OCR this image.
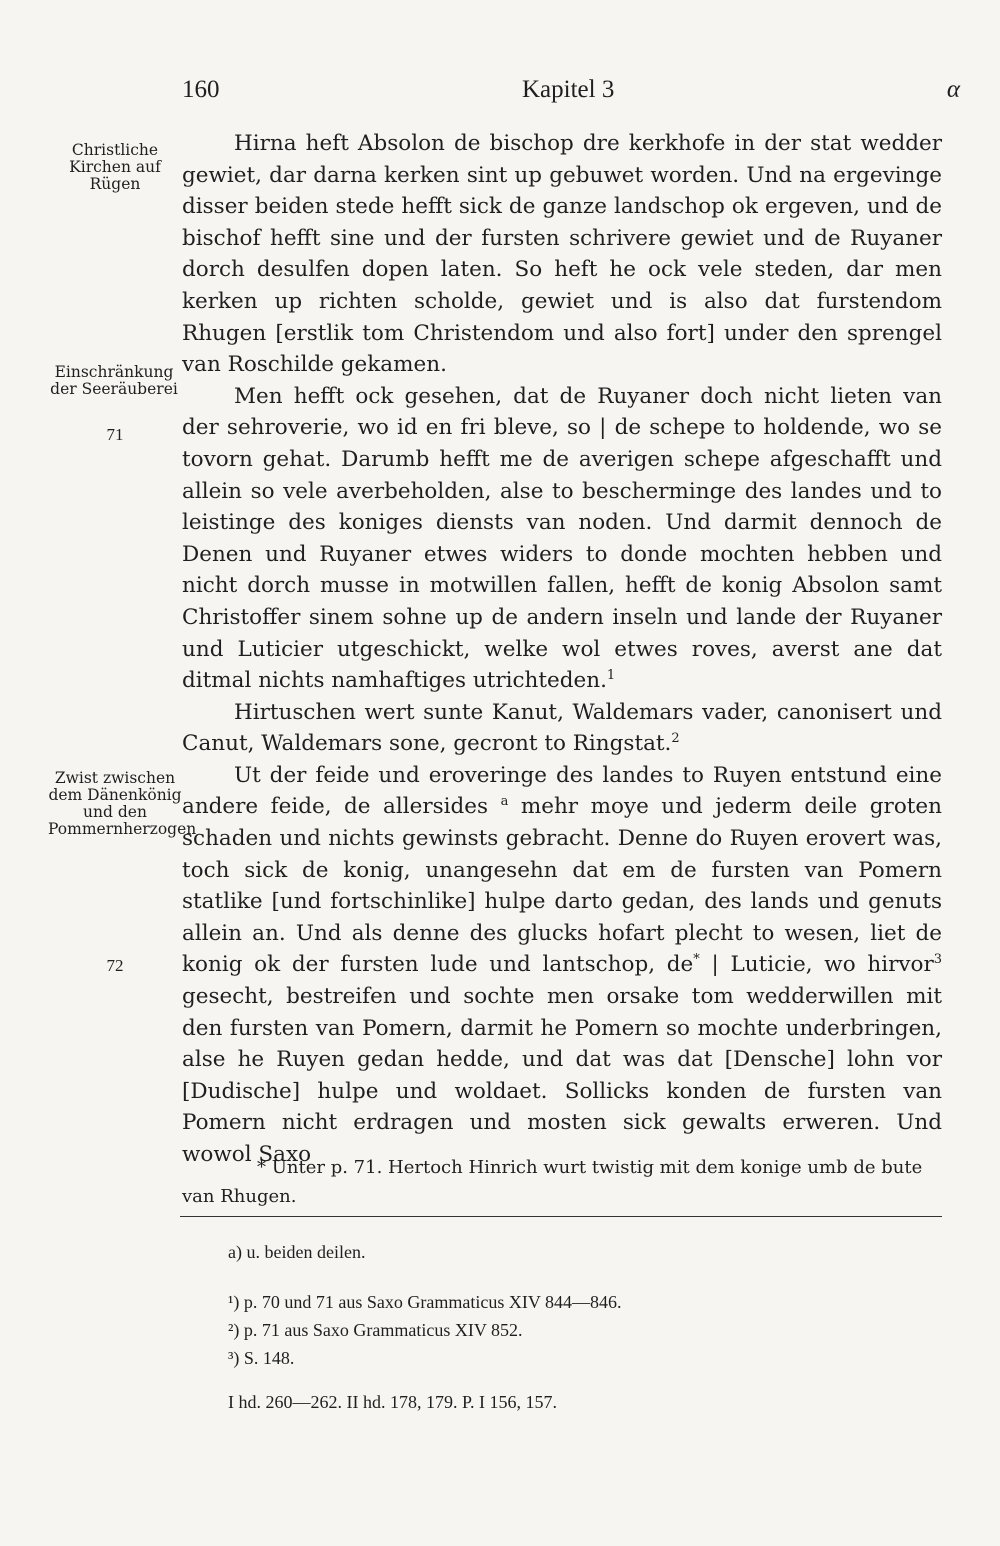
160	Kapitel 3	α
Christliche Kirchen auf Rügen
Einschränkung der Seeräuberei
71
Zwist zwischen dem Dänenkönig und den Pommernherzogen
72

Hirna heft Absolon de bischop dre kerkhofe in der stat wedder gewiet, dar darna kerken sint up gebuwet worden. Und na ergevinge disser beiden stede hefft sick de ganze landschop ok ergeven, und de bischof hefft sine und der fursten schrivere gewiet und de Ruyaner dorch desulfen dopen laten. So heft he ock vele steden, dar men kerken up richten scholde, gewiet und is also dat furstendom Rhugen [erstlik tom Christendom und also fort] under den sprengel van Roschilde gekamen.

Men hefft ock gesehen, dat de Ruyaner doch nicht lieten van der sehroverie, wo id en fri bleve, so | de schepe to holdende, wo se tovorn gehat. Darumb hefft me de averigen schepe afgeschafft und allein so vele averbeholden, alse to bescherminge des landes und to leistinge des koniges diensts van noden. Und darmit dennoch de Denen und Ruyaner etwes widers to donde mochten hebben und nicht dorch musse in motwillen fallen, hefft de konig Absolon samt Christoffer sinem sohne up de andern inseln und lande der Ruyaner und Luticier utgeschickt, welke wol etwes roves, averst ane dat ditmal nichts namhaftiges utrichteden.$^1$

Hirtuschen wert sunte Kanut, Waldemars vader, canonisert und Canut, Waldemars sone, gecront to Ringstat.$^2$

Ut der feide und eroveringe des landes to Ruyen entstund eine andere feide, de allersides $^a$ mehr moye und jederm deile groten schaden und nichts gewinsts gebracht. Denne do Ruyen erovert was, toch sick de konig, unangesehn dat em de fursten van Pomern statlike [und fortschinlike] hulpe darto gedan, des lands und genuts allein an. Und als denne des glucks hofart plecht to wesen, liet de konig ok der fursten lude und lantschop, de* | Luticie, wo hirvor$^3$ gesecht, bestreifen und sochte men orsake tom wedderwillen mit den fursten van Pomern, darmit he Pomern so mochte underbringen, alse he Ruyen gedan hedde, und dat was dat [Densche] lohn vor [Dudische] hulpe und woldaet. Sollicks konden de fursten van Pomern nicht erdragen und mosten sick gewalts erweren. Und wowol Saxo

* Unter p. 71. Hertoch Hinrich wurt twistig mit dem konige umb de bute van Rhugen.

a) u. beiden deilen.
¹) p. 70 und 71 aus Saxo Grammaticus XIV 844—846.
²) p. 71 aus Saxo Grammaticus XIV 852.
³) S. 148.
I hd. 260—262. II hd. 178, 179. P. I 156, 157.
